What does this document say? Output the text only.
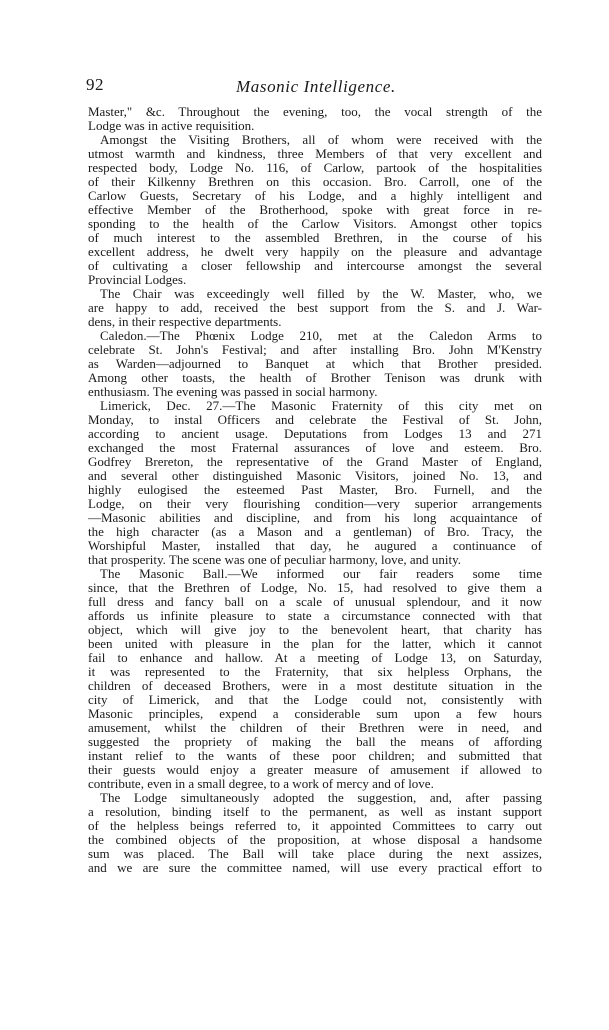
92	Masonic Intelligence.
Master," &c. Throughout the evening, too, the vocal strength of the
Lodge was in active requisition.
Amongst the Visiting Brothers, all of whom were received with the
utmost warmth and kindness, three Members of that very excellent and
respected body, Lodge No. 116, of Carlow, partook of the hospitalities
of their Kilkenny Brethren on this occasion. Bro. Carroll, one of the
Carlow Guests, Secretary of his Lodge, and a highly intelligent and
effective Member of the Brotherhood, spoke with great force in re-
sponding to the health of the Carlow Visitors. Amongst other topics
of much interest to the assembled Brethren, in the course of his
excellent address, he dwelt very happily on the pleasure and advantage
of cultivating a closer fellowship and intercourse amongst the several
Provincial Lodges.
The Chair was exceedingly well filled by the W. Master, who, we
are happy to add, received the best support from the S. and J. War-
dens, in their respective departments.
Caledon.—The Phœnix Lodge 210, met at the Caledon Arms to
celebrate St. John's Festival; and after installing Bro. John M'Kenstry
as Warden—adjourned to Banquet at which that Brother presided.
Among other toasts, the health of Brother Tenison was drunk with
enthusiasm. The evening was passed in social harmony.
Limerick, Dec. 27.—The Masonic Fraternity of this city met on
Monday, to instal Officers and celebrate the Festival of St. John,
according to ancient usage. Deputations from Lodges 13 and 271
exchanged the most Fraternal assurances of love and esteem. Bro.
Godfrey Brereton, the representative of the Grand Master of England,
and several other distinguished Masonic Visitors, joined No. 13, and
highly eulogised the esteemed Past Master, Bro. Furnell, and the
Lodge, on their very flourishing condition—very superior arrangements
—Masonic abilities and discipline, and from his long acquaintance of
the high character (as a Mason and a gentleman) of Bro. Tracy, the
Worshipful Master, installed that day, he augured a continuance of
that prosperity. The scene was one of peculiar harmony, love, and unity.
The Masonic Ball.—We informed our fair readers some time
since, that the Brethren of Lodge, No. 15, had resolved to give them a
full dress and fancy ball on a scale of unusual splendour, and it now
affords us infinite pleasure to state a circumstance connected with that
object, which will give joy to the benevolent heart, that charity has
been united with pleasure in the plan for the latter, which it cannot
fail to enhance and hallow. At a meeting of Lodge 13, on Saturday,
it was represented to the Fraternity, that six helpless Orphans, the
children of deceased Brothers, were in a most destitute situation in the
city of Limerick, and that the Lodge could not, consistently with
Masonic principles, expend a considerable sum upon a few hours
amusement, whilst the children of their Brethren were in need, and
suggested the propriety of making the ball the means of affording
instant relief to the wants of these poor children; and submitted that
their guests would enjoy a greater measure of amusement if allowed to
contribute, even in a small degree, to a work of mercy and of love.
The Lodge simultaneously adopted the suggestion, and, after passing
a resolution, binding itself to the permanent, as well as instant support
of the helpless beings referred to, it appointed Committees to carry out
the combined objects of the proposition, at whose disposal a handsome
sum was placed. The Ball will take place during the next assizes,
and we are sure the committee named, will use every practical effort to
